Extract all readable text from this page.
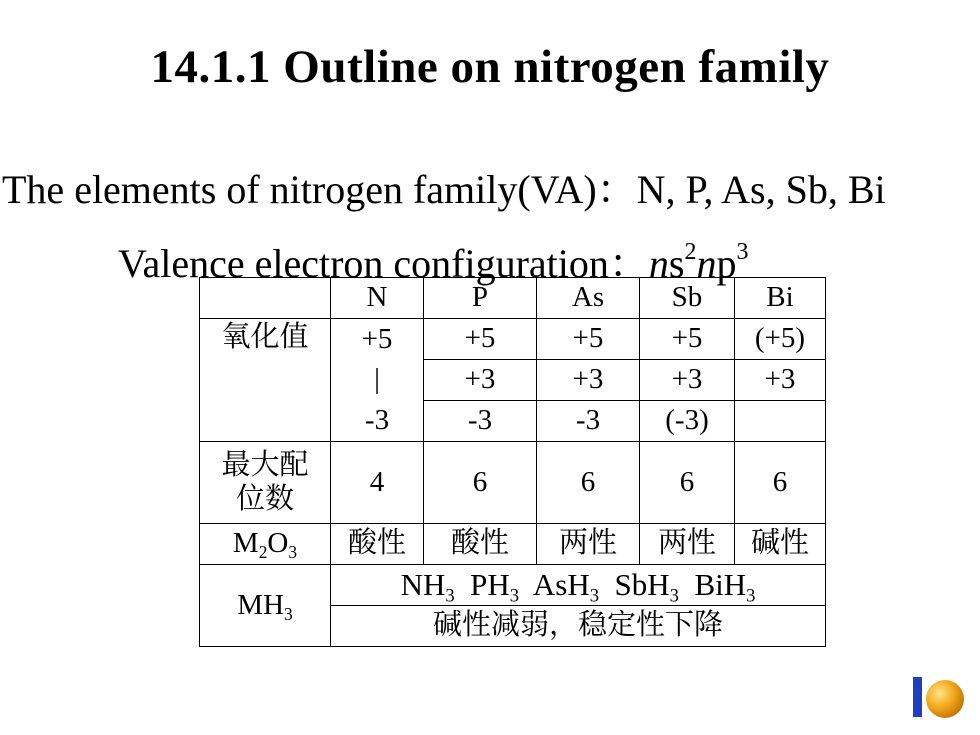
14.1.1 Outline on nitrogen family
The elements of nitrogen family(VA)：N, P, As, Sb, Bi
Valence electron configuration：$ns^2np^3$
	N	P	As	Sb	Bi
氧化值	+5	+5	+5	+5	(+5)
	|	+3	+3	+3	+3
	-3	-3	-3	(-3)	

最大配
位数	4	6	6	6	6
$M_2O_3$	酸性	酸性	两性	两性	碱性
$MH_3$	$NH_3$ $PH_3$ AsH$_3$ SbH$_3$ BiH$_3$
	碱性减弱，稳定性下降				
